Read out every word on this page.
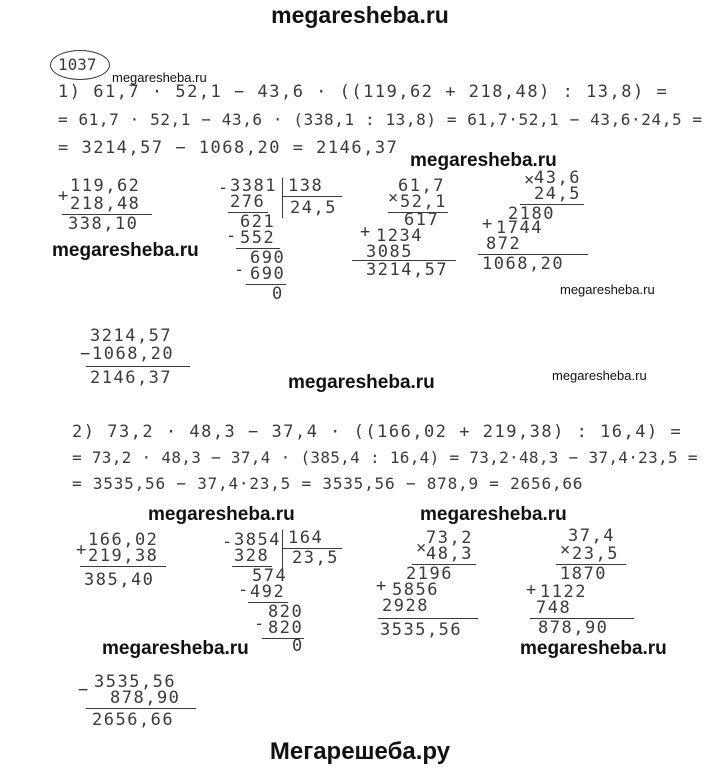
megaresheba.ru
1037
megaresheba.ru
1) 61,7 · 52,1 − 43,6 · ((119,62 + 218,48) : 13,8) =
= 61,7 · 52,1 − 43,6 · (338,1 : 13,8) = 61,7·52,1 − 43,6·24,5 =
= 3214,57 − 1068,20 = 2146,37
megaresheba.ru
119,62
+ 218,48
338,10
- 3381 138
24,5
276
621
- 552
690
- 690
0
61,7
× 52,1
617
+ 1234
3085
3214,57
×
43,6
24,5
2180
+ 1744
872
1068,20
megaresheba.ru
megaresheba.ru
3214,57
− 1068,20
2146,37	megaresheba.ru	megaresheba.ru
2) 73,2 · 48,3 − 37,4 · ((166,02 + 219,38) : 16,4) =
= 73,2 · 48,3 − 37,4 · (385,4 : 16,4) = 73,2·48,3 − 37,4·23,5 =
= 3535,56 − 37,4·23,5 = 3535,56 − 878,9 = 2656,66
megaresheba.ru	megaresheba.ru
166,02
+ 219,38
385,40
- 3854 164
23,5
328
574
- 492
820
- 820
0
×
73,2
48,3
2196
+ 5856
2928
3535,56
37,4
× 23,5
1870
+ 1122
748
878,90
megaresheba.ru	megaresheba.ru
− 3535,56
878,90
2656,66
Мегарешеба.ру
